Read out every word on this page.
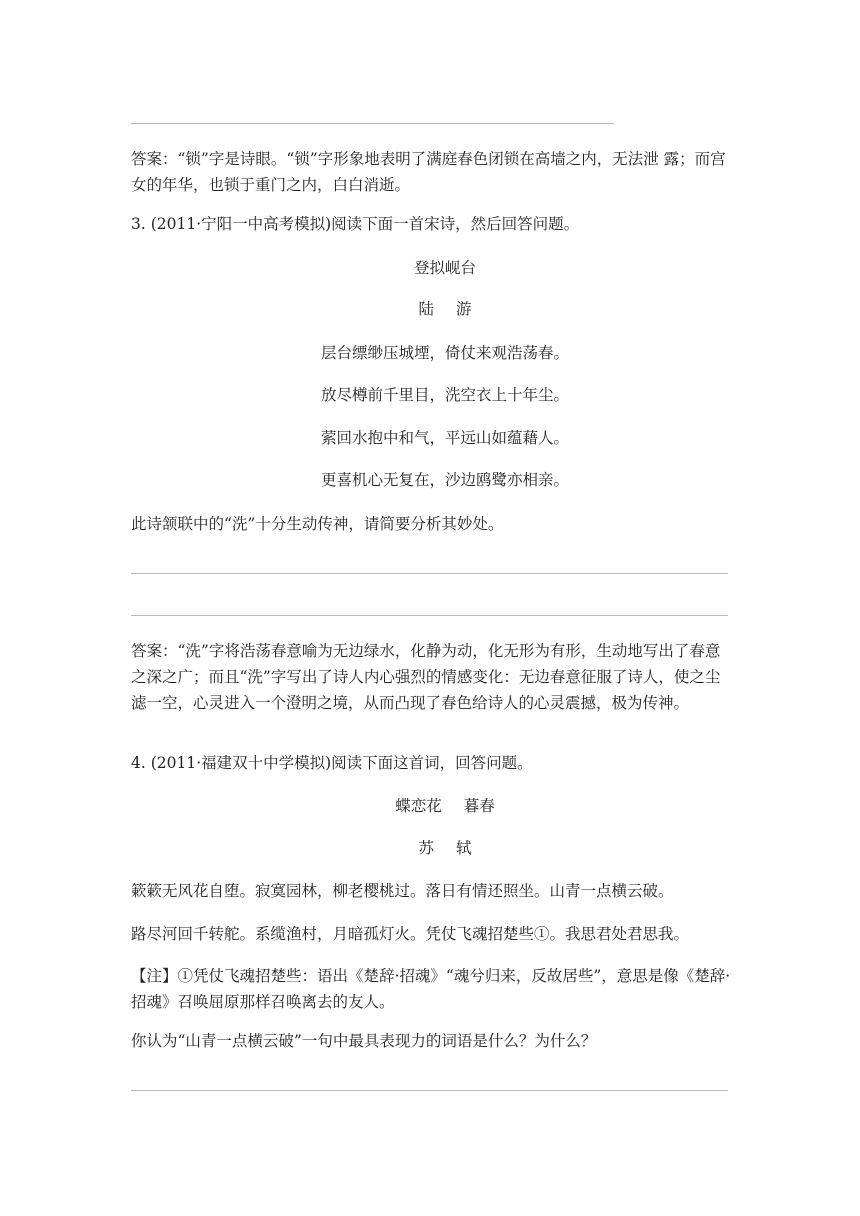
答案：“锁”字是诗眼。“锁”字形象地表明了满庭春色闭锁在高墙之内，无法泄 露；而宫女的年华，也锁于重门之内，白白消逝。

3. (2011·宁阳一中高考模拟)阅读下面一首宋诗，然后回答问题。

登拟岘台

陆 游

层台缥缈压城堙，倚仗来观浩荡春。

放尽樽前千里目，洗空衣上十年尘。

萦回水抱中和气，平远山如蕴藉人。

更喜机心无复在，沙边鸥鹭亦相亲。

此诗颔联中的“洗”十分生动传神，请简要分析其妙处。

答案：“洗”字将浩荡春意喻为无边绿水，化静为动，化无形为有形，生动地写出了春意之深之广；而且“洗”字写出了诗人内心强烈的情感变化：无边春意征服了诗人，使之尘滤一空，心灵进入一个澄明之境，从而凸现了春色给诗人的心灵震撼，极为传神。

4. (2011·福建双十中学模拟)阅读下面这首词，回答问题。

蝶恋花 暮春

苏 轼

簌簌无风花自堕。寂寞园林，柳老樱桃过。落日有情还照坐。山青一点横云破。

路尽河回千转舵。系缆渔村，月暗孤灯火。凭仗飞魂招楚些①。我思君处君思我。

【注】①凭仗飞魂招楚些：语出《楚辞·招魂》“魂兮归来，反故居些”，意思是像《楚辞·招魂》召唤屈原那样召唤离去的友人。

你认为“山青一点横云破”一句中最具表现力的词语是什么？为什么？
